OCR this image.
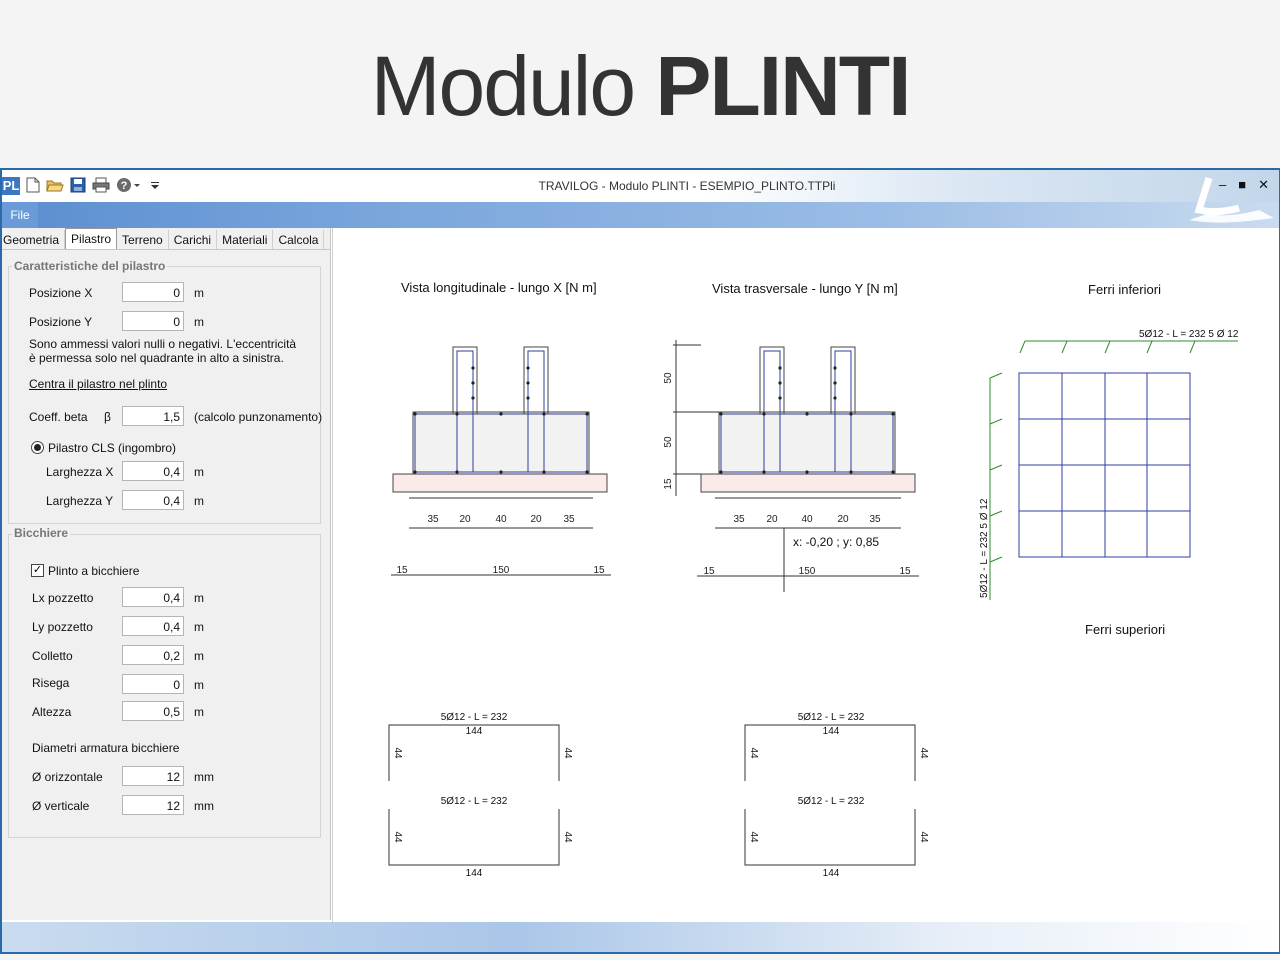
Modulo PLINTI
PL	?	TRAVILOG - Modulo PLINTI - ESEMPIO_PLINTO.TTPli	– ■ ✕
File
Geometria	Pilastro Terreno Carichi Materiali Calcola
Caratteristiche del pilastro
Posizione X	0	m
Posizione Y	0	m
Sono ammessi valori nulli o negativi. L'eccentricità è permessa solo nel quadrante in alto a sinistra.
Centra il pilastro nel plinto
Coeff. beta β	1,5	(calcolo punzonamento)
Pilastro CLS (ingombro)
Larghezza X	0,4	m
Larghezza Y	0,4	m
Bicchiere
✓ Plinto a bicchiere
Lx pozzetto	0,4	m
Ly pozzetto	0,4	m
Colletto	0,2	m
Risega	0	m
Altezza	0,5	m
Diametri armatura bicchiere
Ø orizzontale	12	mm
Ø verticale	12	mm
Vista longitudinale - lungo X [N m]	Vista trasversale - lungo Y [N m]	Ferri inferiori
Ferri superiori
35 20 40 20 35
15	150	15
35 20 40 20 35
15	150	15
50
50
15
x: -0,20 ; y: 0,85
5Ø12 - L = 232 5 Ø 12
5Ø12 - L = 232 5 Ø 12
5Ø12 - L = 232
144
5Ø12 - L = 232
144
44	44
44	44
5Ø12 - L = 232
144
5Ø12 - L = 232
144
44	44
44	44
